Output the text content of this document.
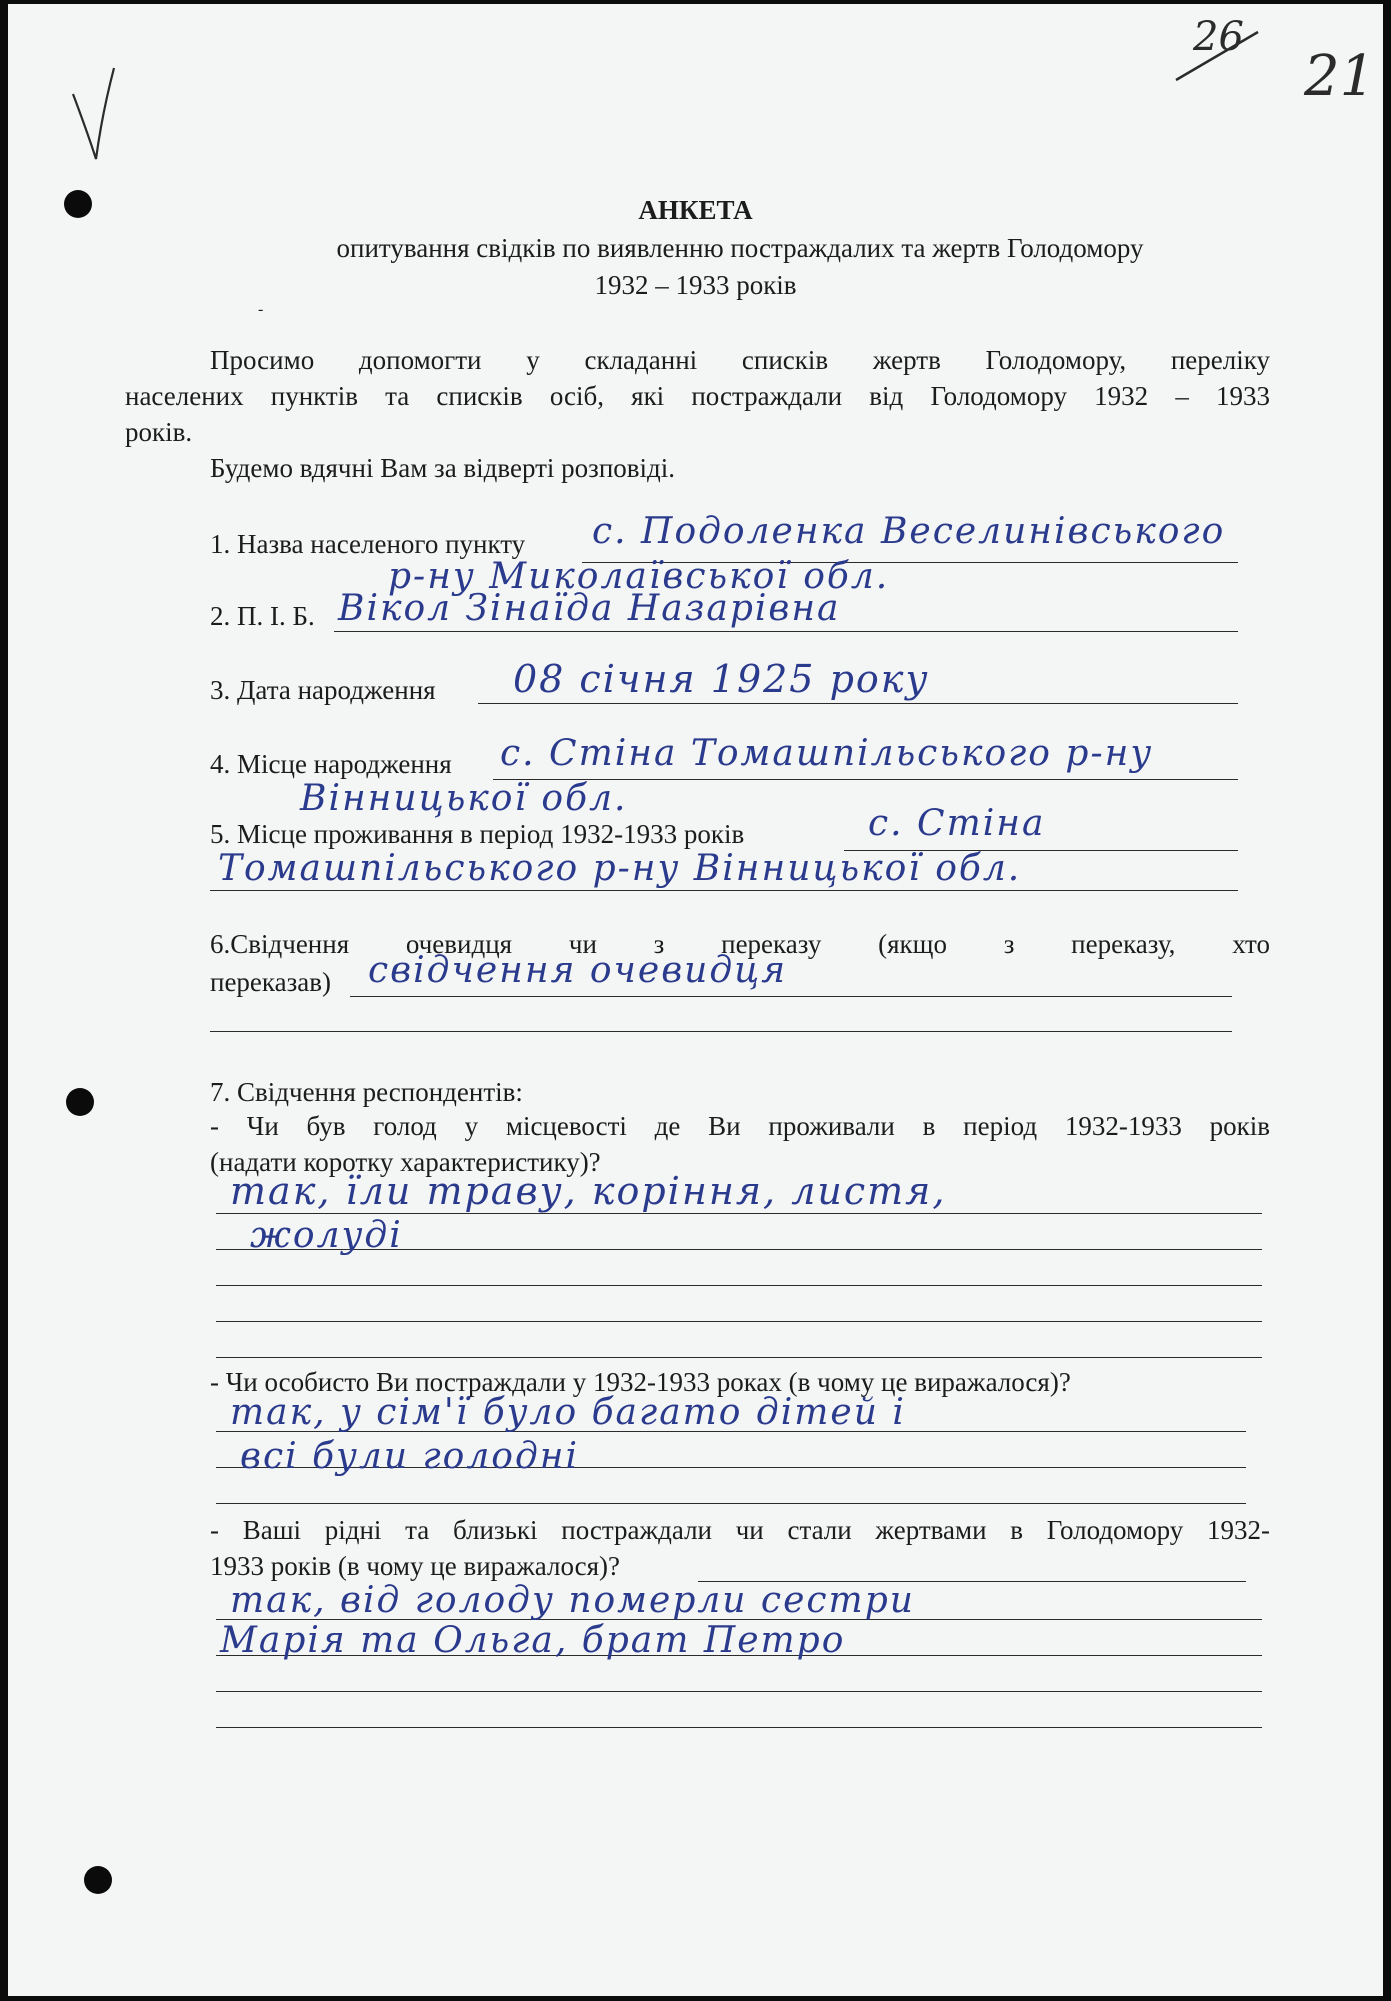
26
21
АНКЕТА
опитування свідків по виявленню постраждалих та жертв Голодомору
1932 – 1933 років
-
Просимо допомогти у складанні списків жертв Голодомору, переліку
населених пунктів та списків осіб, які постраждали від Голодомору 1932 – 1933
років.
Будемо вдячні Вам за відверті розповіді.
1. Назва населеного пункту с. Подоленка Веселинівського
р-ну Миколаївської обл.
2. П. І. Б. Вікол Зінаїда Назарівна
3. Дата народження 08 січня 1925 року
4. Місце народження с. Стіна Томашпільського р-ну
Вінницької обл.
5. Місце проживання в період 1932-1933 років	с. Стіна
Томашпільського р-ну Вінницької обл.
6.Свідчення очевидця чи з переказу (якщо з переказу, хто
переказав) свідчення очевидця
7. Свідчення респондентів:
- Чи був голод у місцевості де Ви проживали в період 1932-1933 років
(надати коротку характеристику)?
так, їли траву, коріння, листя,
жолуді
- Чи особисто Ви постраждали у 1932-1933 роках (в чому це виражалося)?
так, у сім'ї було багато дітей і
всі були голодні
- Ваші рідні та близькі постраждали чи стали жертвами в Голодомору 1932-
1933 років (в чому це виражалося)?
так, від голоду померли сестри
Марія та Ольга, брат Петро
